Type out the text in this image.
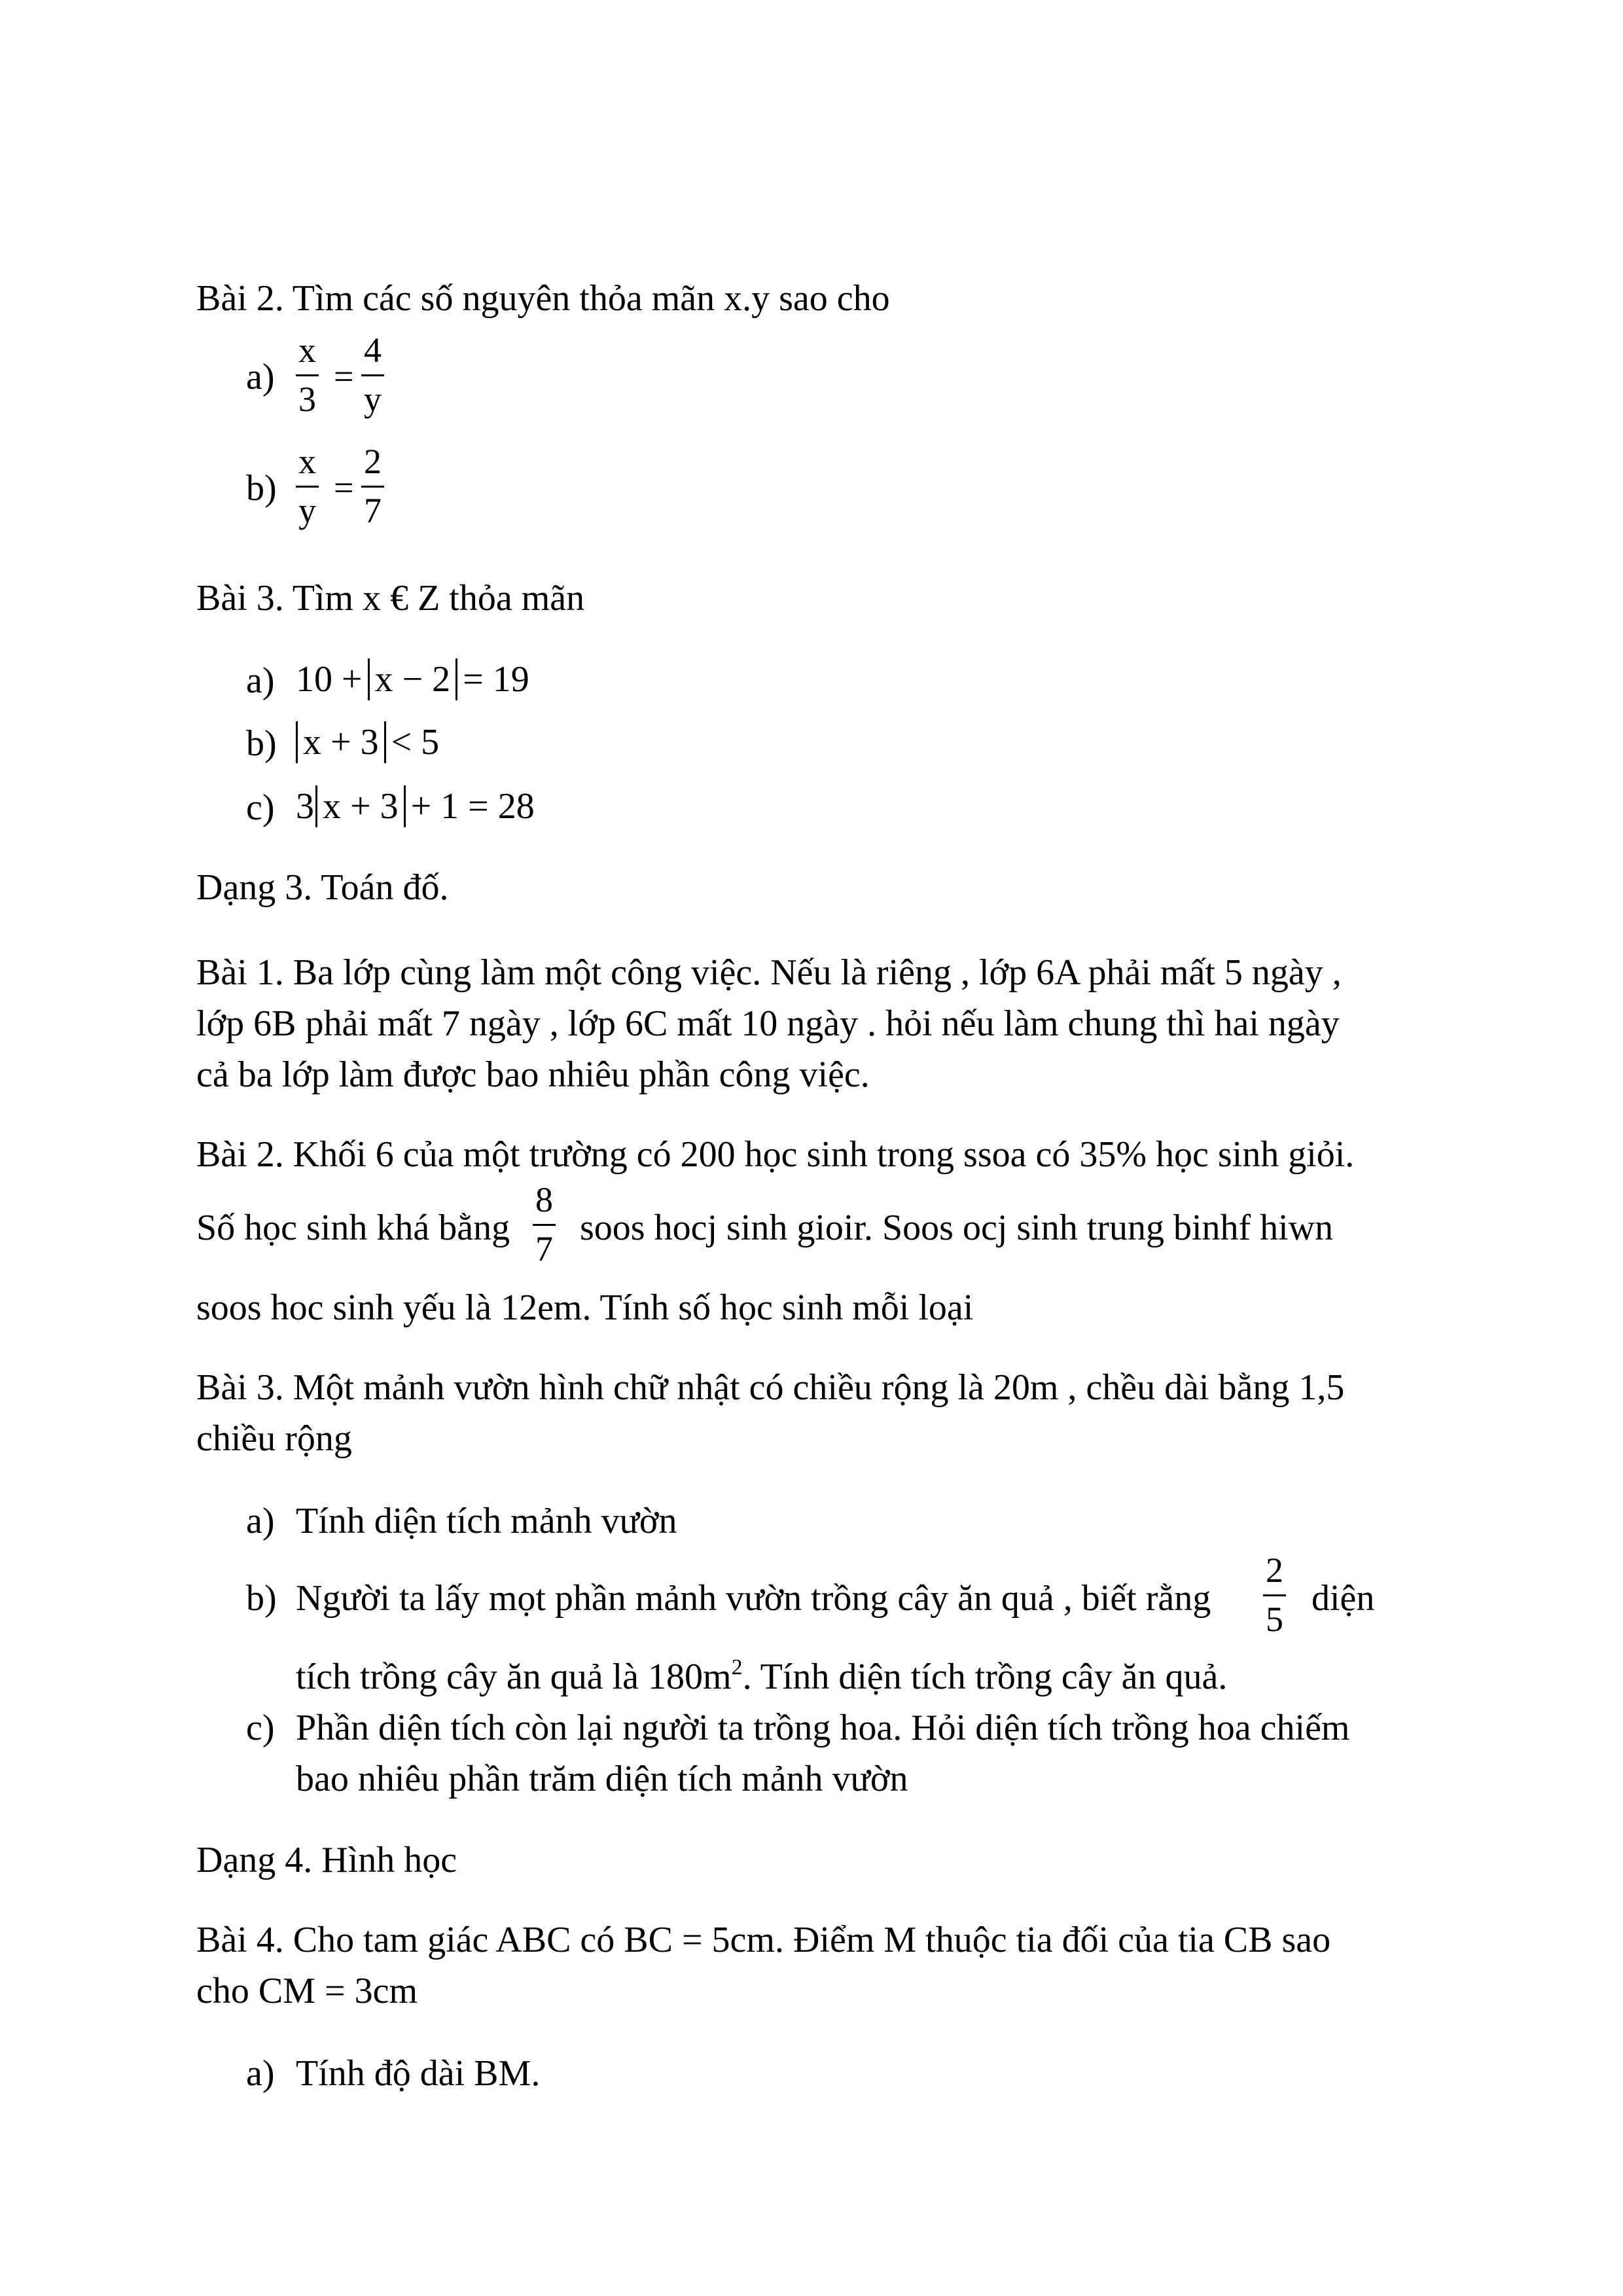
Bài 2. Tìm các số nguyên thỏa mãn x.y sao cho
a)
x
3
=
4
y
b)
x
y
=
2
7
Bài 3. Tìm x € Z thỏa mãn
a) 10 + x − 2 = 19
b) x + 3 < 5
c) 3 x + 3 + 1 = 28
Dạng 3. Toán đố.
Bài 1. Ba lớp cùng làm một công việc. Nếu là riêng , lớp 6A phải mất 5 ngày ,
lớp 6B phải mất 7 ngày , lớp 6C mất 10 ngày . hỏi nếu làm chung thì hai ngày
cả ba lớp làm được bao nhiêu phần công việc.
Bài 2. Khối 6 của một trường có 200 học sinh trong ssoa có 35% học sinh giỏi.
Số học sinh khá bằng
8
7
soos hocj sinh gioir. Soos ocj sinh trung binhf hiwn
soos hoc sinh yếu là 12em. Tính số học sinh mỗi loại
Bài 3. Một mảnh vườn hình chữ nhật có chiều rộng là 20m , chều dài bằng 1,5
chiều rộng
a) Tính diện tích mảnh vườn
b) Người ta lấy mọt phần mảnh vườn trồng cây ăn quả , biết rằng
2
5
diện
tích trồng cây ăn quả là $180m^2$. Tính diện tích trồng cây ăn quả.
c) Phần diện tích còn lại người ta trồng hoa. Hỏi diện tích trồng hoa chiếm
bao nhiêu phần trăm diện tích mảnh vườn
Dạng 4. Hình học
Bài 4. Cho tam giác ABC có BC = 5cm. Điểm M thuộc tia đối của tia CB sao
cho CM = 3cm
a) Tính độ dài BM.
